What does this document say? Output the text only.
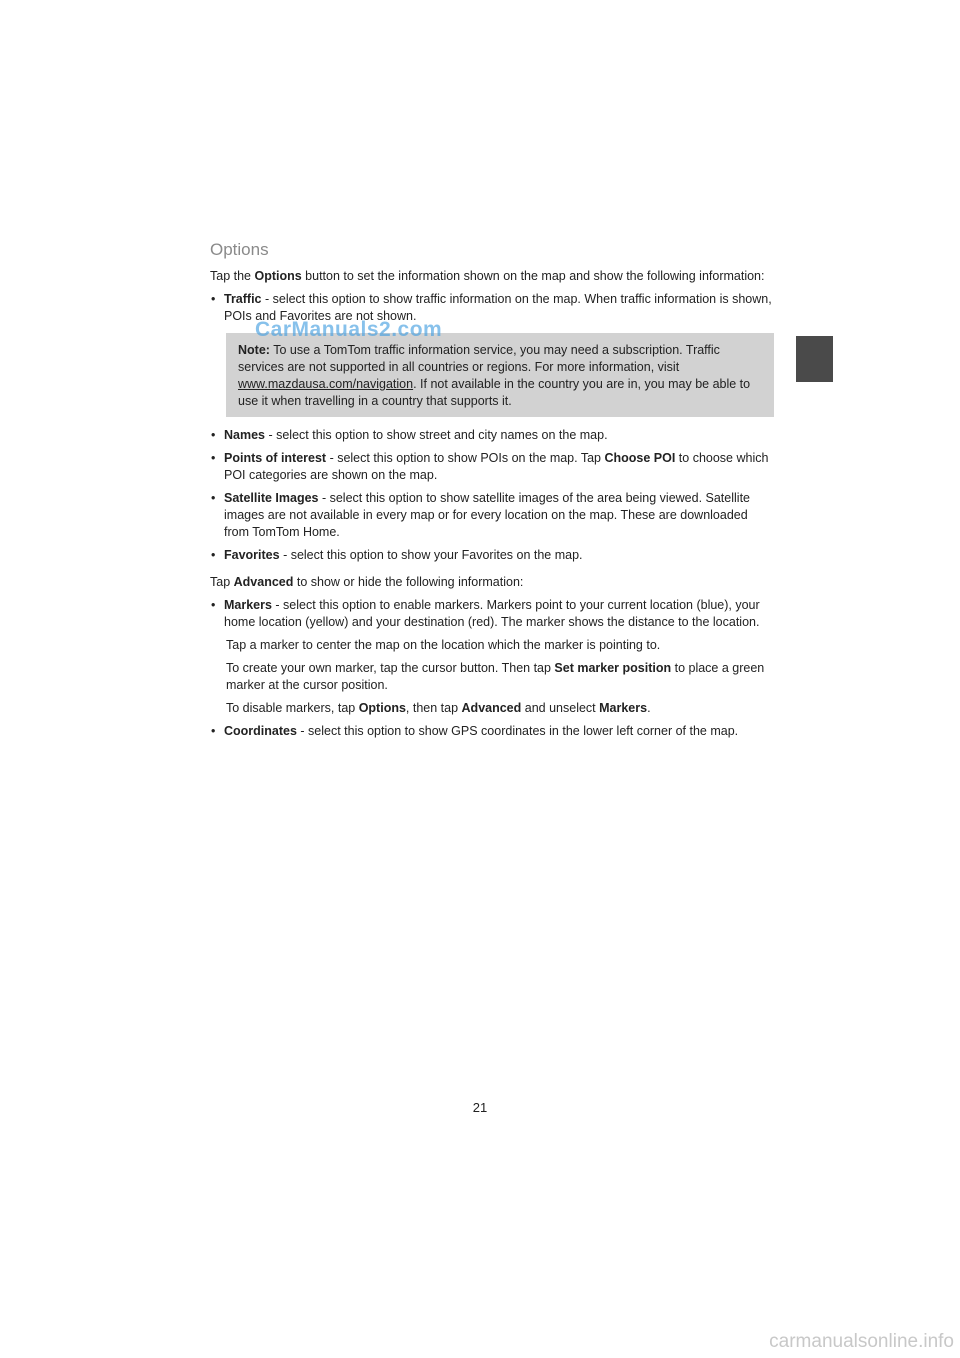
Options

Tap the Options button to set the information shown on the map and show the following information:

• Traffic - select this option to show traffic information on the map. When traffic information is shown, POIs and Favorites are not shown.

Note: To use a TomTom traffic information service, you may need a subscription. Traffic services are not supported in all countries or regions. For more information, visit www.mazdausa.com/navigation. If not available in the country you are in, you may be able to use it when travelling in a country that supports it.

• Names - select this option to show street and city names on the map.
• Points of interest - select this option to show POIs on the map. Tap Choose POI to choose which POI categories are shown on the map.
• Satellite Images - select this option to show satellite images of the area being viewed. Satellite images are not available in every map or for every location on the map. These are downloaded from TomTom Home.
• Favorites - select this option to show your Favorites on the map.

Tap Advanced to show or hide the following information:

• Markers - select this option to enable markers. Markers point to your current location (blue), your home location (yellow) and your destination (red). The marker shows the distance to the location.

Tap a marker to center the map on the location which the marker is pointing to.

To create your own marker, tap the cursor button. Then tap Set marker position to place a green marker at the cursor position.

To disable markers, tap Options, then tap Advanced and unselect Markers.

• Coordinates - select this option to show GPS coordinates in the lower left corner of the map.
CarManuals2.com
21
carmanualsonline.info
